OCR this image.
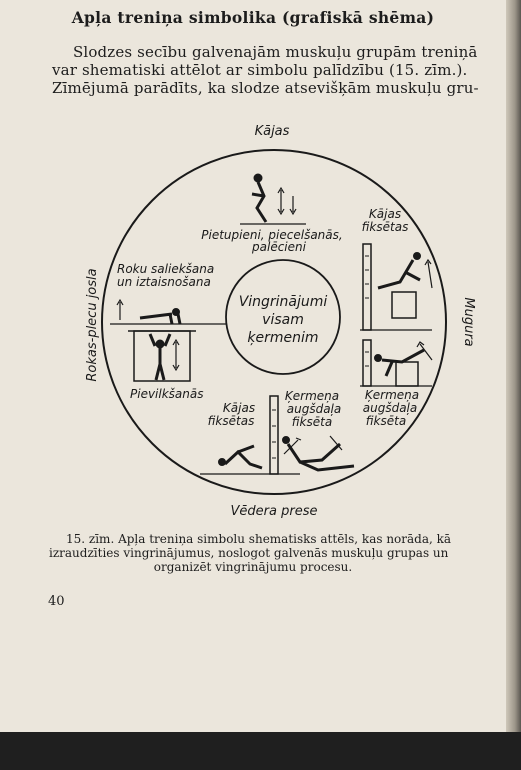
Apļa treniņa simbolika (grafiskā shēma)
Slodzes secību galvenajām muskuļu grupām treniņā
var shematiski attēlot ar simbolu palīdzību (15. zīm.).
Zīmējumā parādīts, ka slodze atsevišķām muskuļu gru-
Kājas
Vēdera prese
Rokas-plecu josla	Mugura
Vingrinājumi
visam
ķermenim
Pietupieni, piecelšanās,
palēcieni
Roku saliekšana
un iztaisnošana
Pievilkšanās
Kājas
fiksētas
Ķermeņa
augšdaļa
fiksēta
Kājas
fiksētas
Ķermeņa
augšdaļa
fiksēta
15. zīm. Apļa treniņa simbolu shematisks attēls, kas norāda, kā
izraudzīties vingrinājumus, noslogot galvenās muskuļu grupas un
organizēt vingrinājumu procesu.
40
